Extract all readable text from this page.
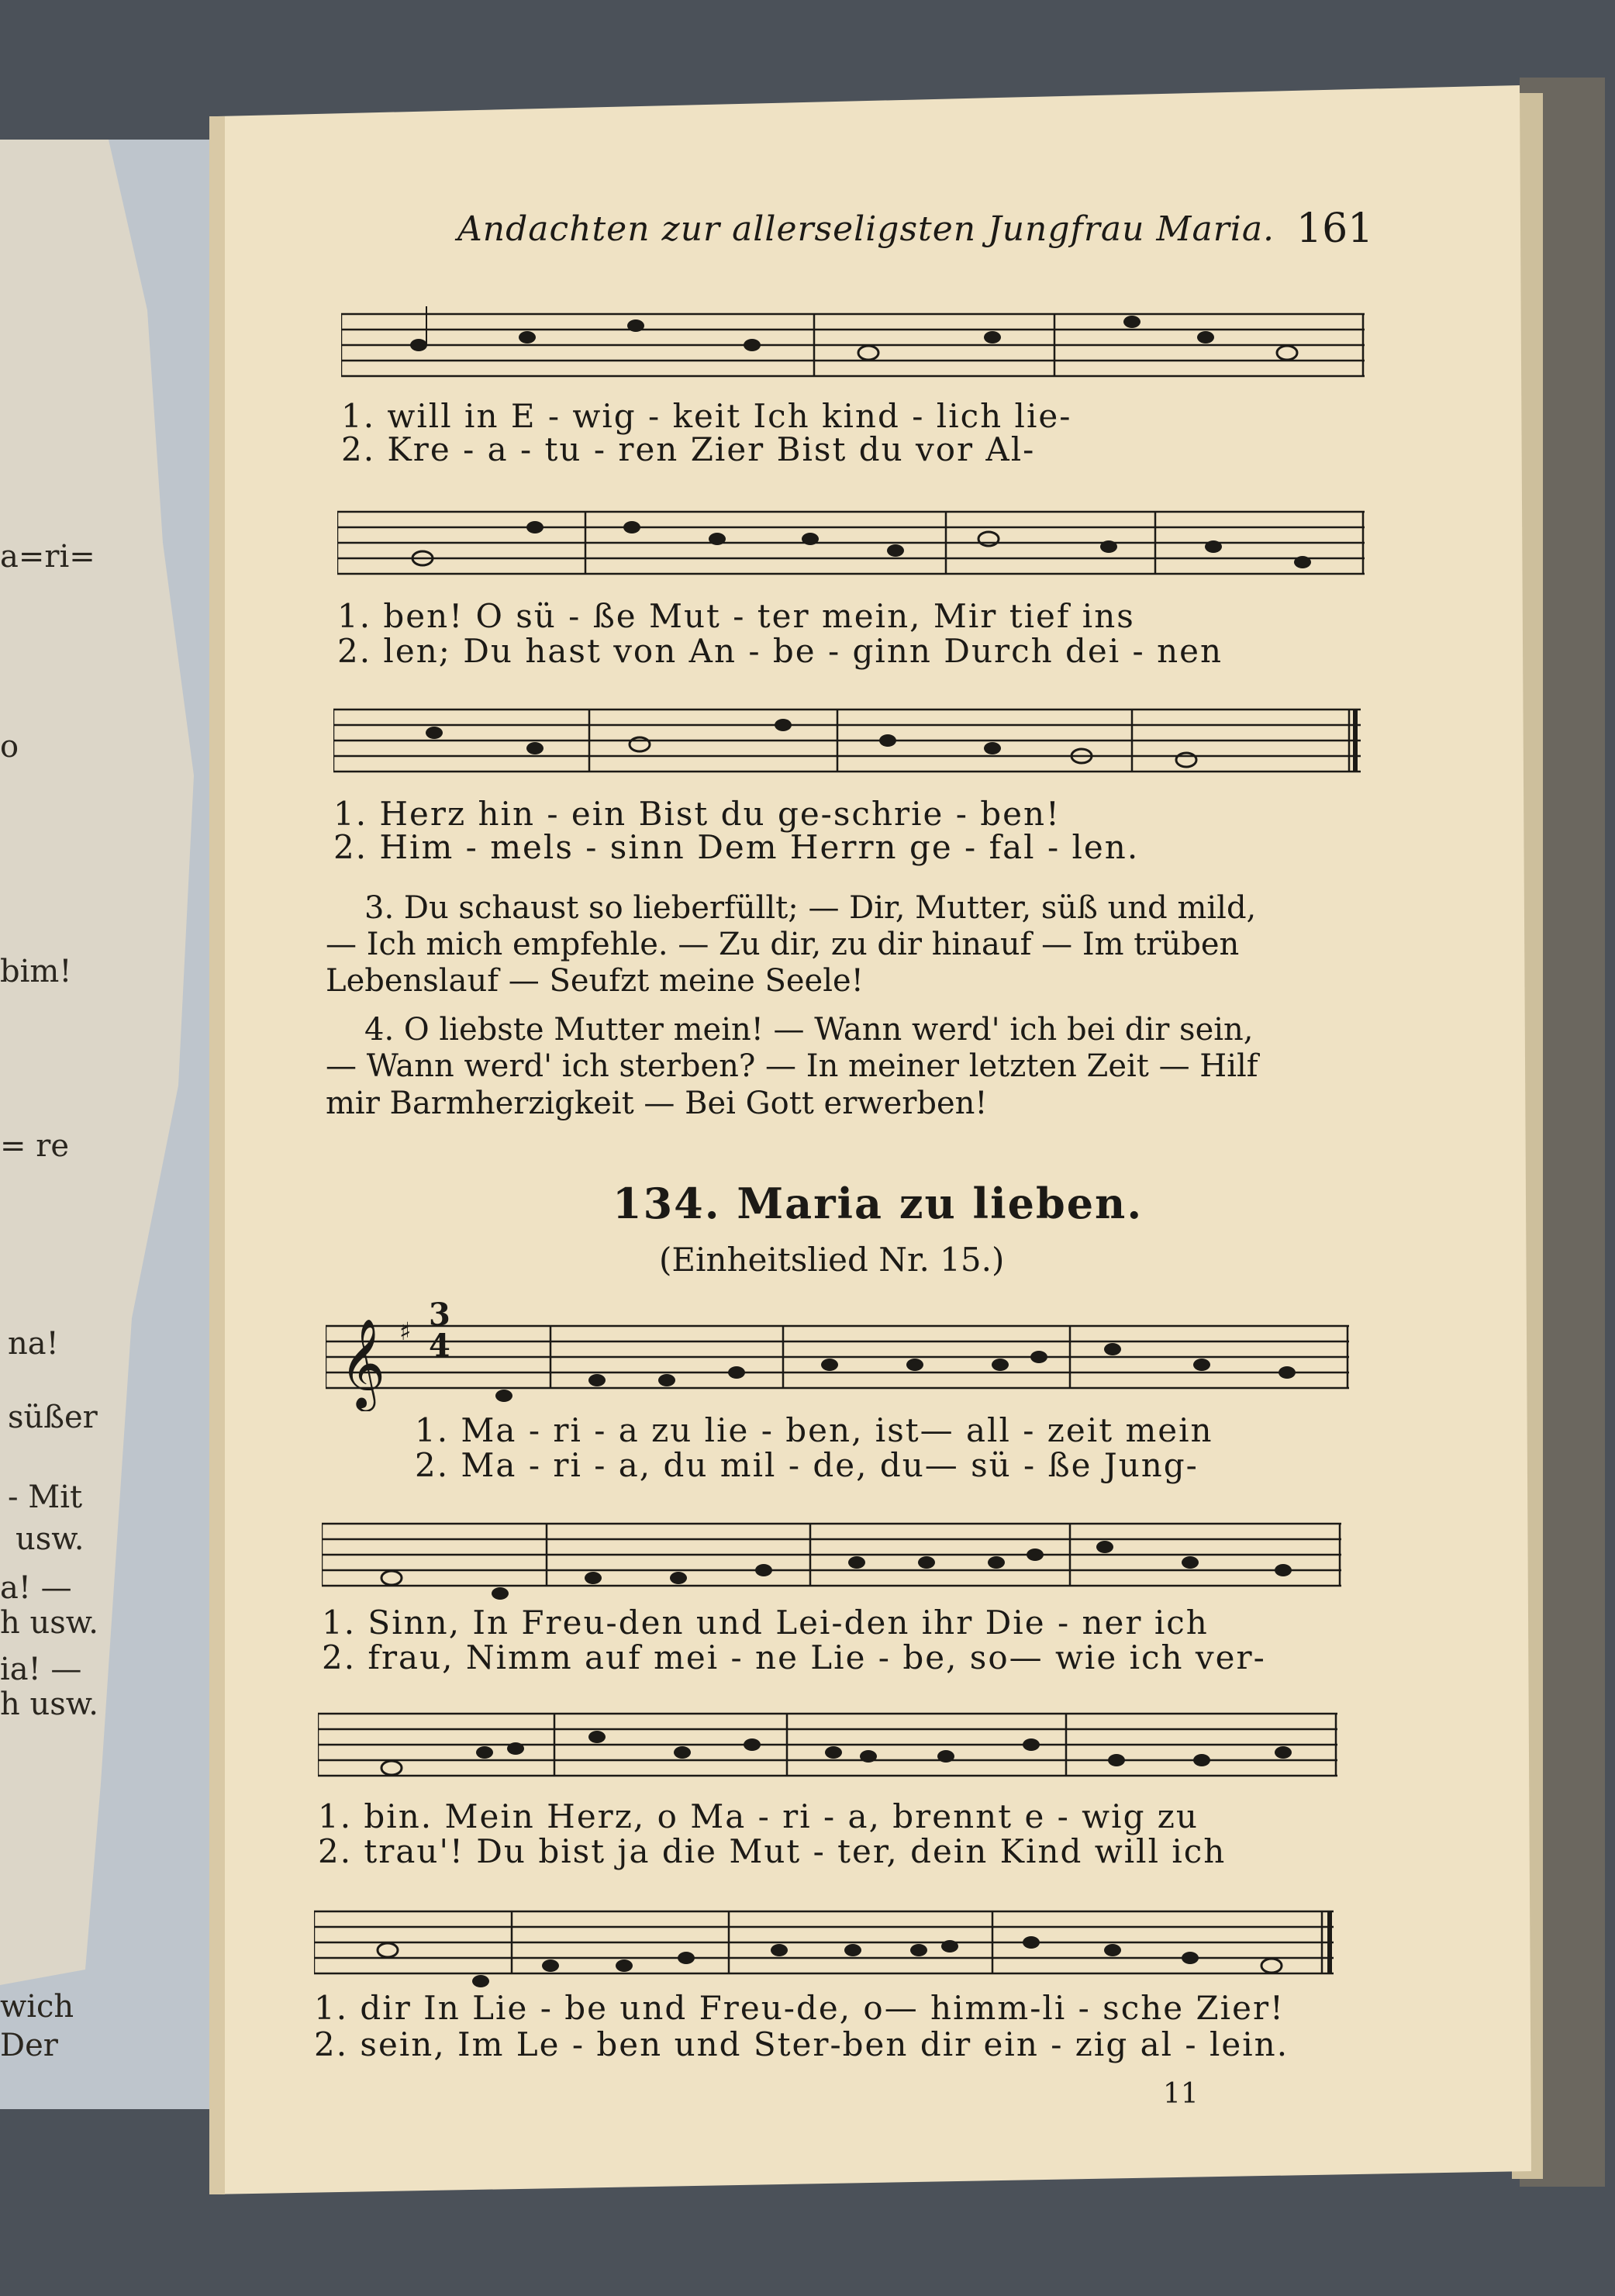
a=ri=
o
bim!
= re
na!
süßer
- Mit
usw.
a! —
h usw.
ia! —
h usw.
wich
Der
Andachten zur allerseligsten Jungfrau Maria. 161
1. will in E - wig - keit Ich kind - lich lie-
2. Kre - a - tu - ren Zier Bist du vor Al-
1. ben! O sü - ße Mut - ter mein, Mir tief ins
2. len; Du hast von An - be - ginn Durch dei - nen
1. Herz hin - ein Bist du ge-schrie - ben!
2. Him - mels - sinn Dem Herrn ge - fal - len.
3. Du schaust so lieberfüllt; — Dir, Mutter, süß und mild,
— Ich mich empfehle. — Zu dir, zu dir hinauf — Im trüben
Lebenslauf — Seufzt meine Seele!
4. O liebste Mutter mein! — Wann werd' ich bei dir sein,
— Wann werd' ich sterben? — In meiner letzten Zeit — Hilf
mir Barmherzigkeit — Bei Gott erwerben!
134. Maria zu lieben.
(Einheitslied Nr. 15.)
𝄞 ♯ 3
4
1. Ma - ri - a zu lie - ben, ist— all - zeit mein
2. Ma - ri - a, du mil - de, du— sü - ße Jung-
1. Sinn, In Freu-den und Lei-den ihr Die - ner ich
2. frau, Nimm auf mei - ne Lie - be, so— wie ich ver-
1. bin. Mein Herz, o Ma - ri - a, brennt e - wig zu
2. trau'! Du bist ja die Mut - ter, dein Kind will ich
1. dir In Lie - be und Freu-de, o— himm-li - sche Zier!
2. sein, Im Le - ben und Ster-ben dir ein - zig al - lein.
11
